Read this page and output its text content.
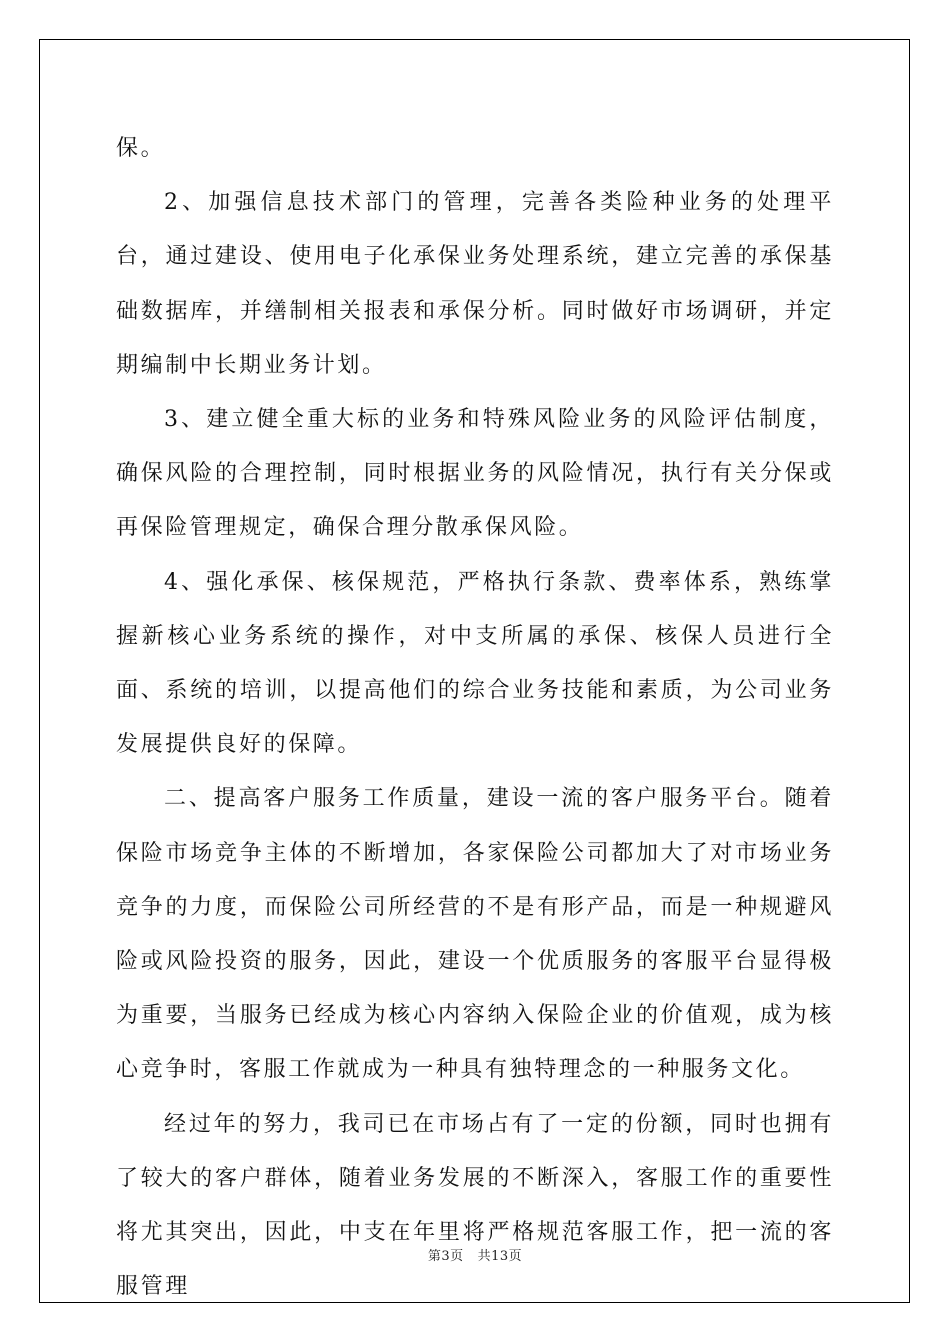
保。

2、加强信息技术部门的管理，完善各类险种业务的处理平台，通过建设、使用电子化承保业务处理系统，建立完善的承保基础数据库，并缮制相关报表和承保分析。同时做好市场调研，并定期编制中长期业务计划。

3、建立健全重大标的业务和特殊风险业务的风险评估制度，确保风险的合理控制，同时根据业务的风险情况，执行有关分保或再保险管理规定，确保合理分散承保风险。

4、强化承保、核保规范，严格执行条款、费率体系，熟练掌握新核心业务系统的操作，对中支所属的承保、核保人员进行全面、系统的培训，以提高他们的综合业务技能和素质，为公司业务发展提供良好的保障。

二、提高客户服务工作质量，建设一流的客户服务平台。随着保险市场竞争主体的不断增加，各家保险公司都加大了对市场业务竞争的力度，而保险公司所经营的不是有形产品，而是一种规避风险或风险投资的服务，因此，建设一个优质服务的客服平台显得极为重要，当服务已经成为核心内容纳入保险企业的价值观，成为核心竞争时，客服工作就成为一种具有独特理念的一种服务文化。

经过年的努力，我司已在市场占有了一定的份额，同时也拥有了较大的客户群体，随着业务发展的不断深入，客服工作的重要性将尤其突出，因此，中支在年里将严格规范客服工作，把一流的客服管理

第3页 共13页
